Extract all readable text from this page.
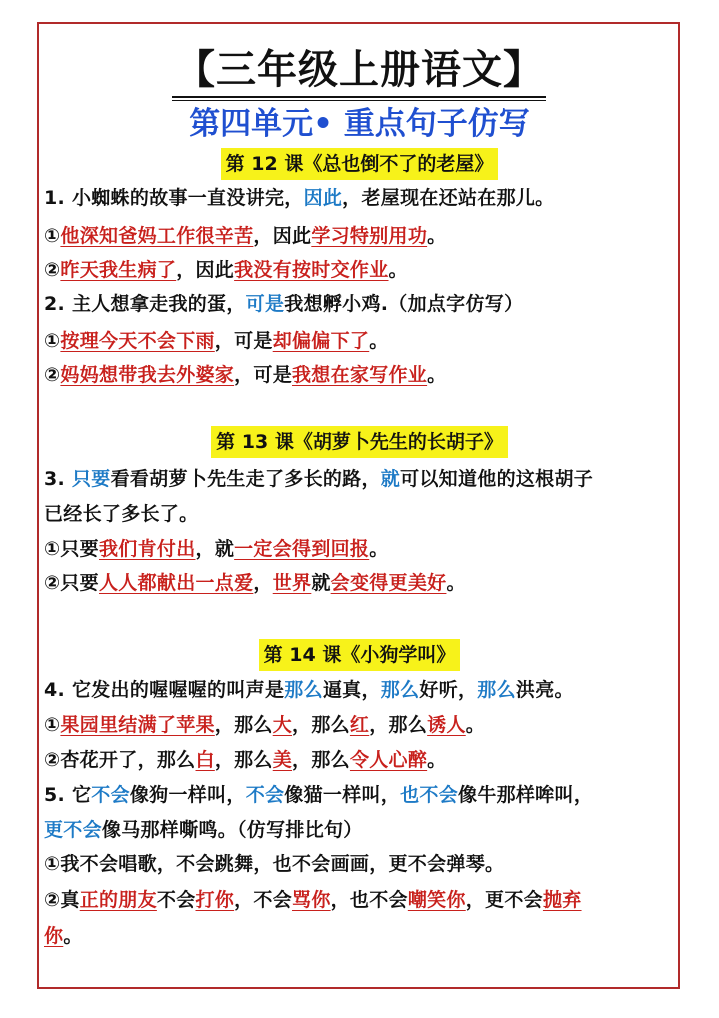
【三年级上册语文】
第四单元• 重点句子仿写
第 12 课《总也倒不了的老屋》
第 13 课《胡萝卜先生的长胡子》
第 14 课《小狗学叫》
1. 小蜘蛛的故事一直没讲完，因此，老屋现在还站在那儿。
①他深知爸妈工作很辛苦，因此学习特别用功。
②昨天我生病了，因此我没有按时交作业。
2. 主人想拿走我的蛋，可是我想孵小鸡.（加点字仿写）
①按理今天不会下雨，可是却偏偏下了。
②妈妈想带我去外婆家，可是我想在家写作业。
3. 只要看看胡萝卜先生走了多长的路，就可以知道他的这根胡子
已经长了多长了。
①只要我们肯付出，就一定会得到回报。
②只要人人都献出一点爱，世界就会变得更美好。
4. 它发出的喔喔喔的叫声是那么逼真，那么好听，那么洪亮。
①果园里结满了苹果，那么大，那么红，那么诱人。
②杏花开了，那么白，那么美，那么令人心醉。
5. 它不会像狗一样叫，不会像猫一样叫，也不会像牛那样哞叫，
更不会像马那样嘶鸣。（仿写排比句）
①我不会唱歌，不会跳舞，也不会画画，更不会弹琴。
②真正的朋友不会打你，不会骂你，也不会嘲笑你，更不会抛弃
你。
